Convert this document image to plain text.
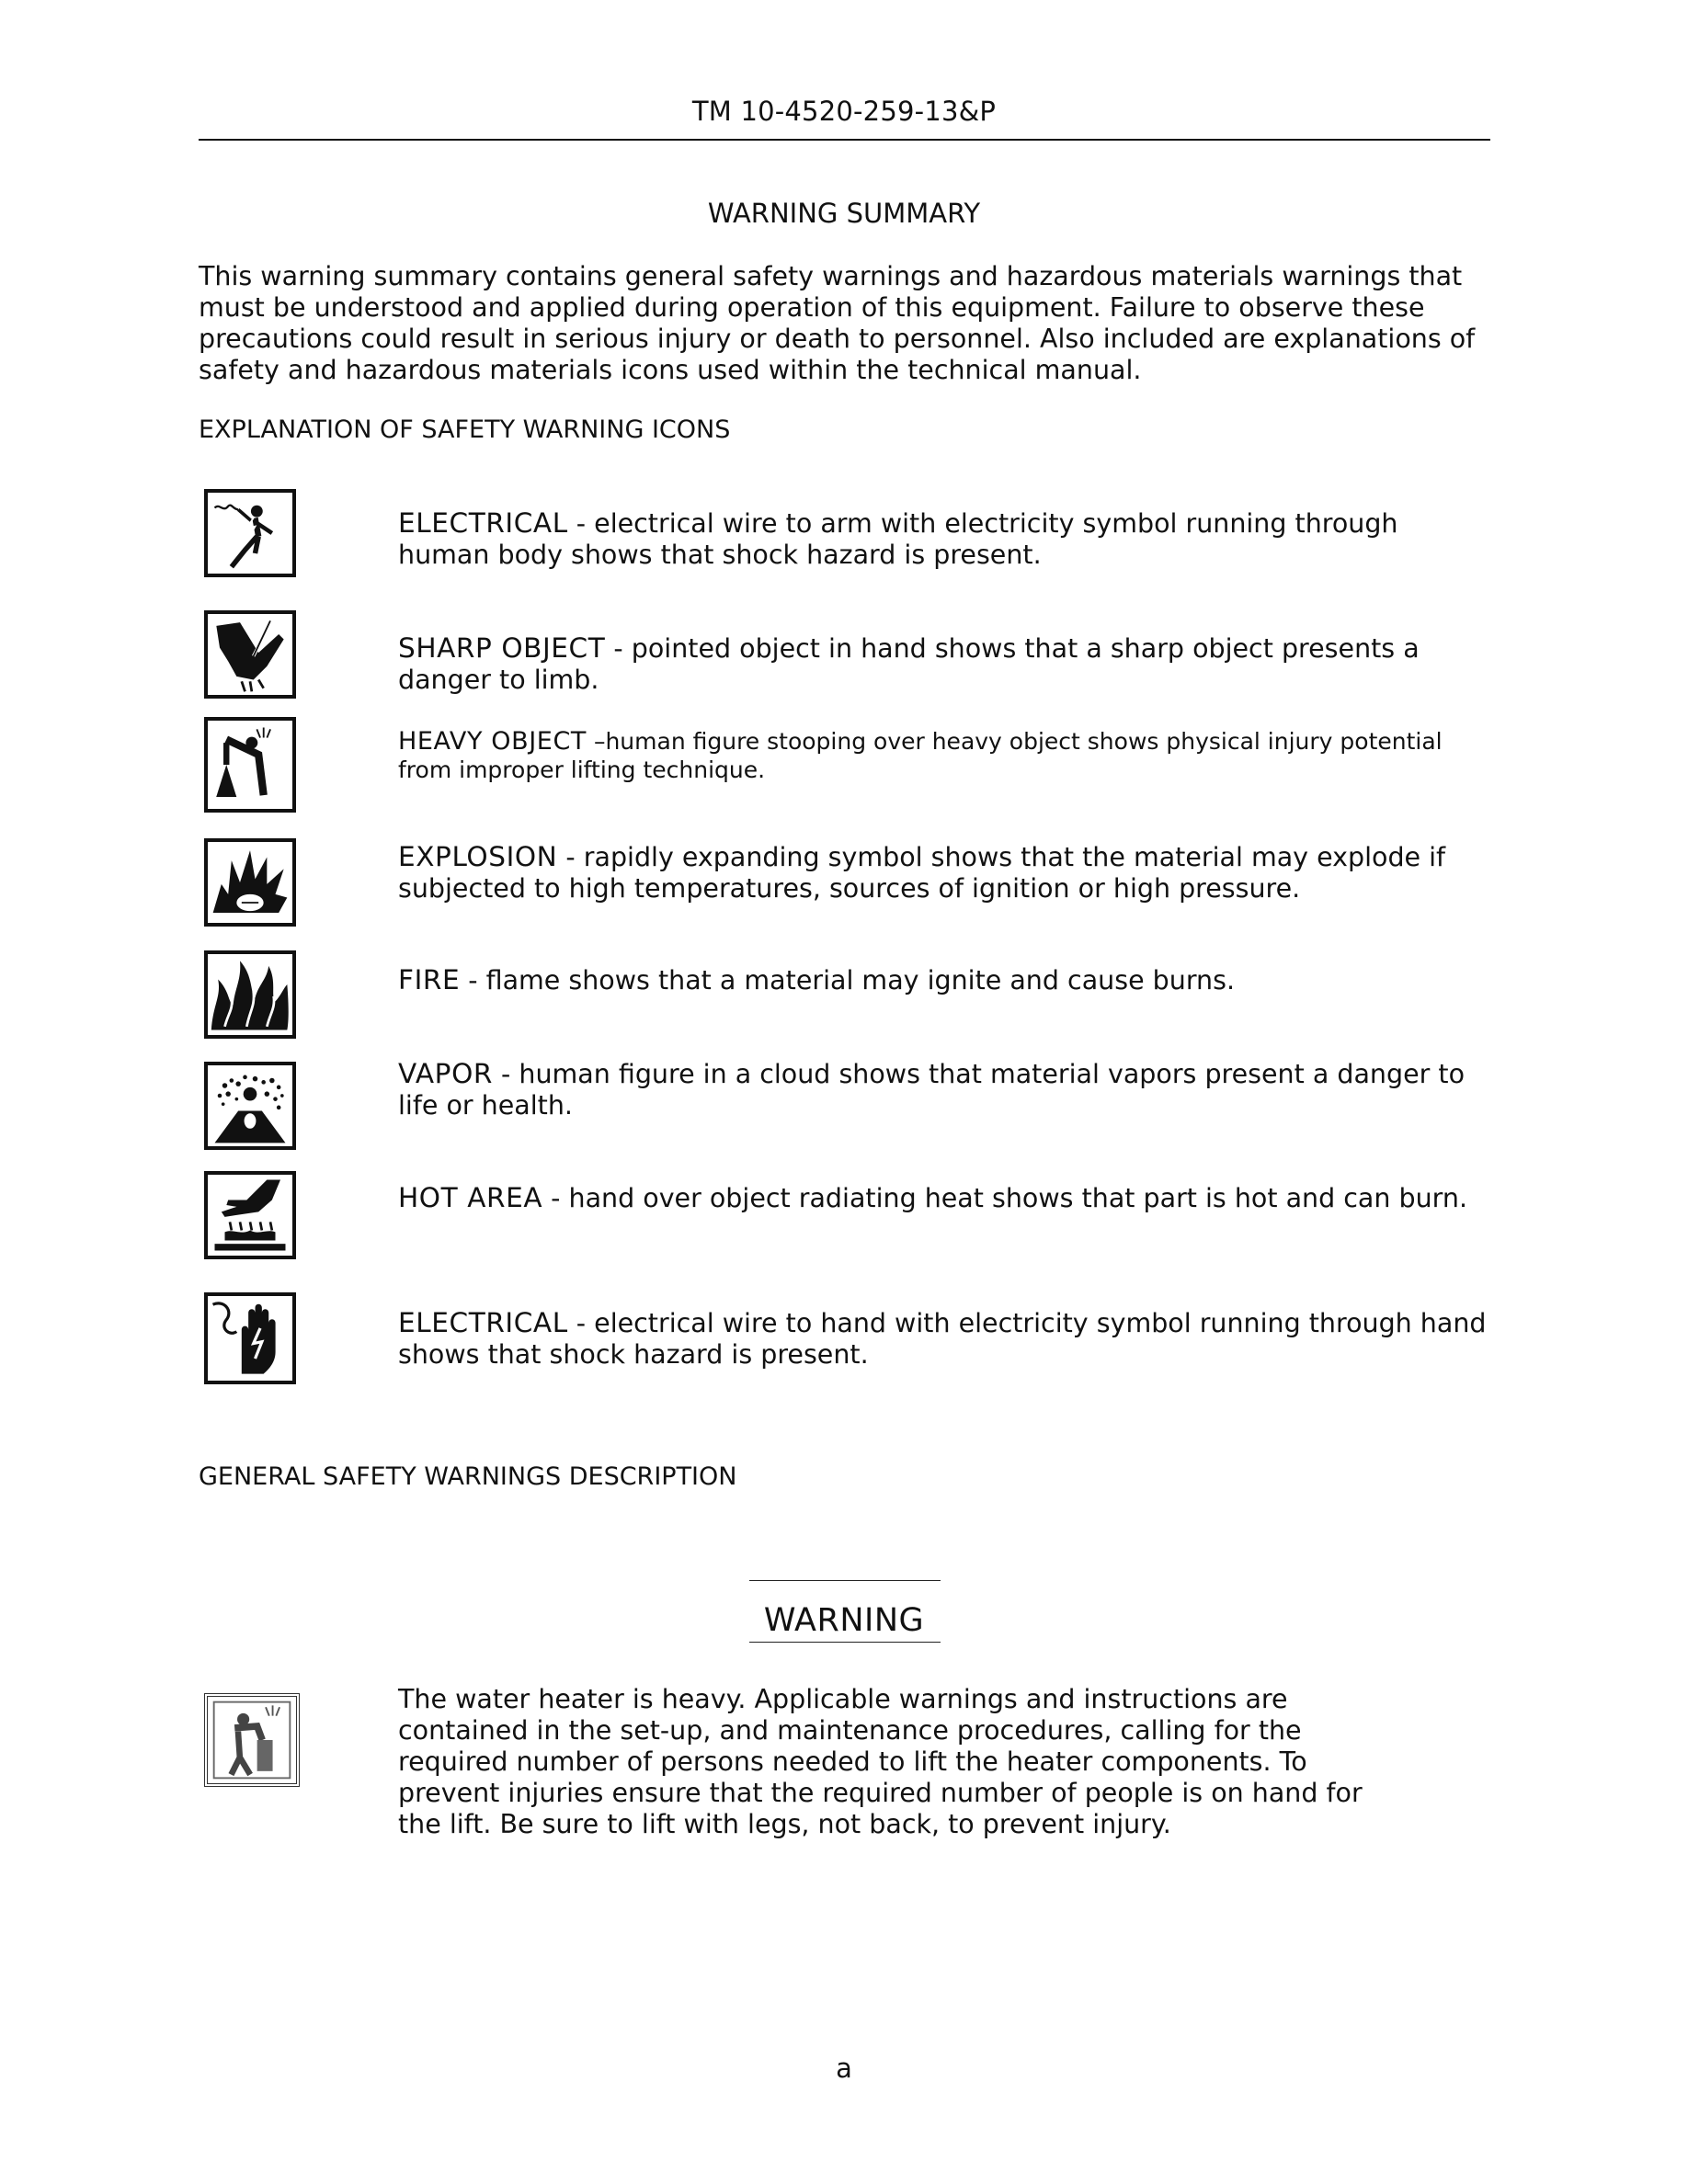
TM 10-4520-259-13&P
WARNING SUMMARY
This warning summary contains general safety warnings and hazardous materials warnings that must be understood and applied during operation of this equipment. Failure to observe these precautions could result in serious injury or death to personnel. Also included are explanations of safety and hazardous materials icons used within the technical manual.
EXPLANATION OF SAFETY WARNING ICONS
ELECTRICAL - electrical wire to arm with electricity symbol running through human body shows that shock hazard is present.
SHARP OBJECT - pointed object in hand shows that a sharp object presents a danger to limb.
HEAVY OBJECT –human figure stooping over heavy object shows physical injury potential from improper lifting technique.
EXPLOSION - rapidly expanding symbol shows that the material may explode if subjected to high temperatures, sources of ignition or high pressure.
FIRE - flame shows that a material may ignite and cause burns.
VAPOR - human figure in a cloud shows that material vapors present a danger to life or health.
HOT AREA - hand over object radiating heat shows that part is hot and can burn.
ELECTRICAL - electrical wire to hand with electricity symbol running through hand shows that shock hazard is present.
GENERAL SAFETY WARNINGS DESCRIPTION
WARNING
The water heater is heavy. Applicable warnings and instructions are contained in the set-up, and maintenance procedures, calling for the required number of persons needed to lift the heater components. To prevent injuries ensure that the required number of people is on hand for the lift. Be sure to lift with legs, not back, to prevent injury.
a
